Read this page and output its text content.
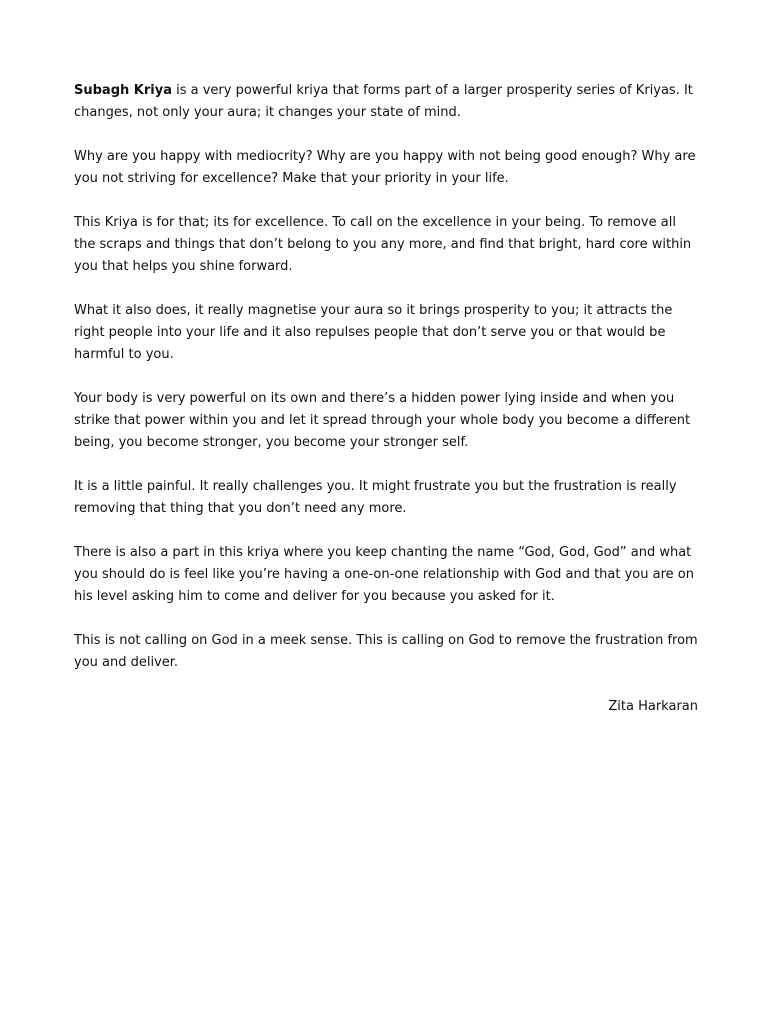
Subagh Kriya is a very powerful kriya that forms part of a larger prosperity series of Kriyas. It changes, not only your aura; it changes your state of mind.

Why are you happy with mediocrity? Why are you happy with not being good enough? Why are you not striving for excellence? Make that your priority in your life.

This Kriya is for that; its for excellence. To call on the excellence in your being. To remove all the scraps and things that don’t belong to you any more, and find that bright, hard core within you that helps you shine forward.

What it also does, it really magnetise your aura so it brings prosperity to you; it attracts the right people into your life and it also repulses people that don’t serve you or that would be harmful to you.

Your body is very powerful on its own and there’s a hidden power lying inside and when you strike that power within you and let it spread through your whole body you become a different being, you become stronger, you become your stronger self.

It is a little painful. It really challenges you. It might frustrate you but the frustration is really removing that thing that you don’t need any more.

There is also a part in this kriya where you keep chanting the name “God, God, God” and what you should do is feel like you’re having a one-on-one relationship with God and that you are on his level asking him to come and deliver for you because you asked for it.

This is not calling on God in a meek sense. This is calling on God to remove the frustration from you and deliver.

Zita Harkaran
